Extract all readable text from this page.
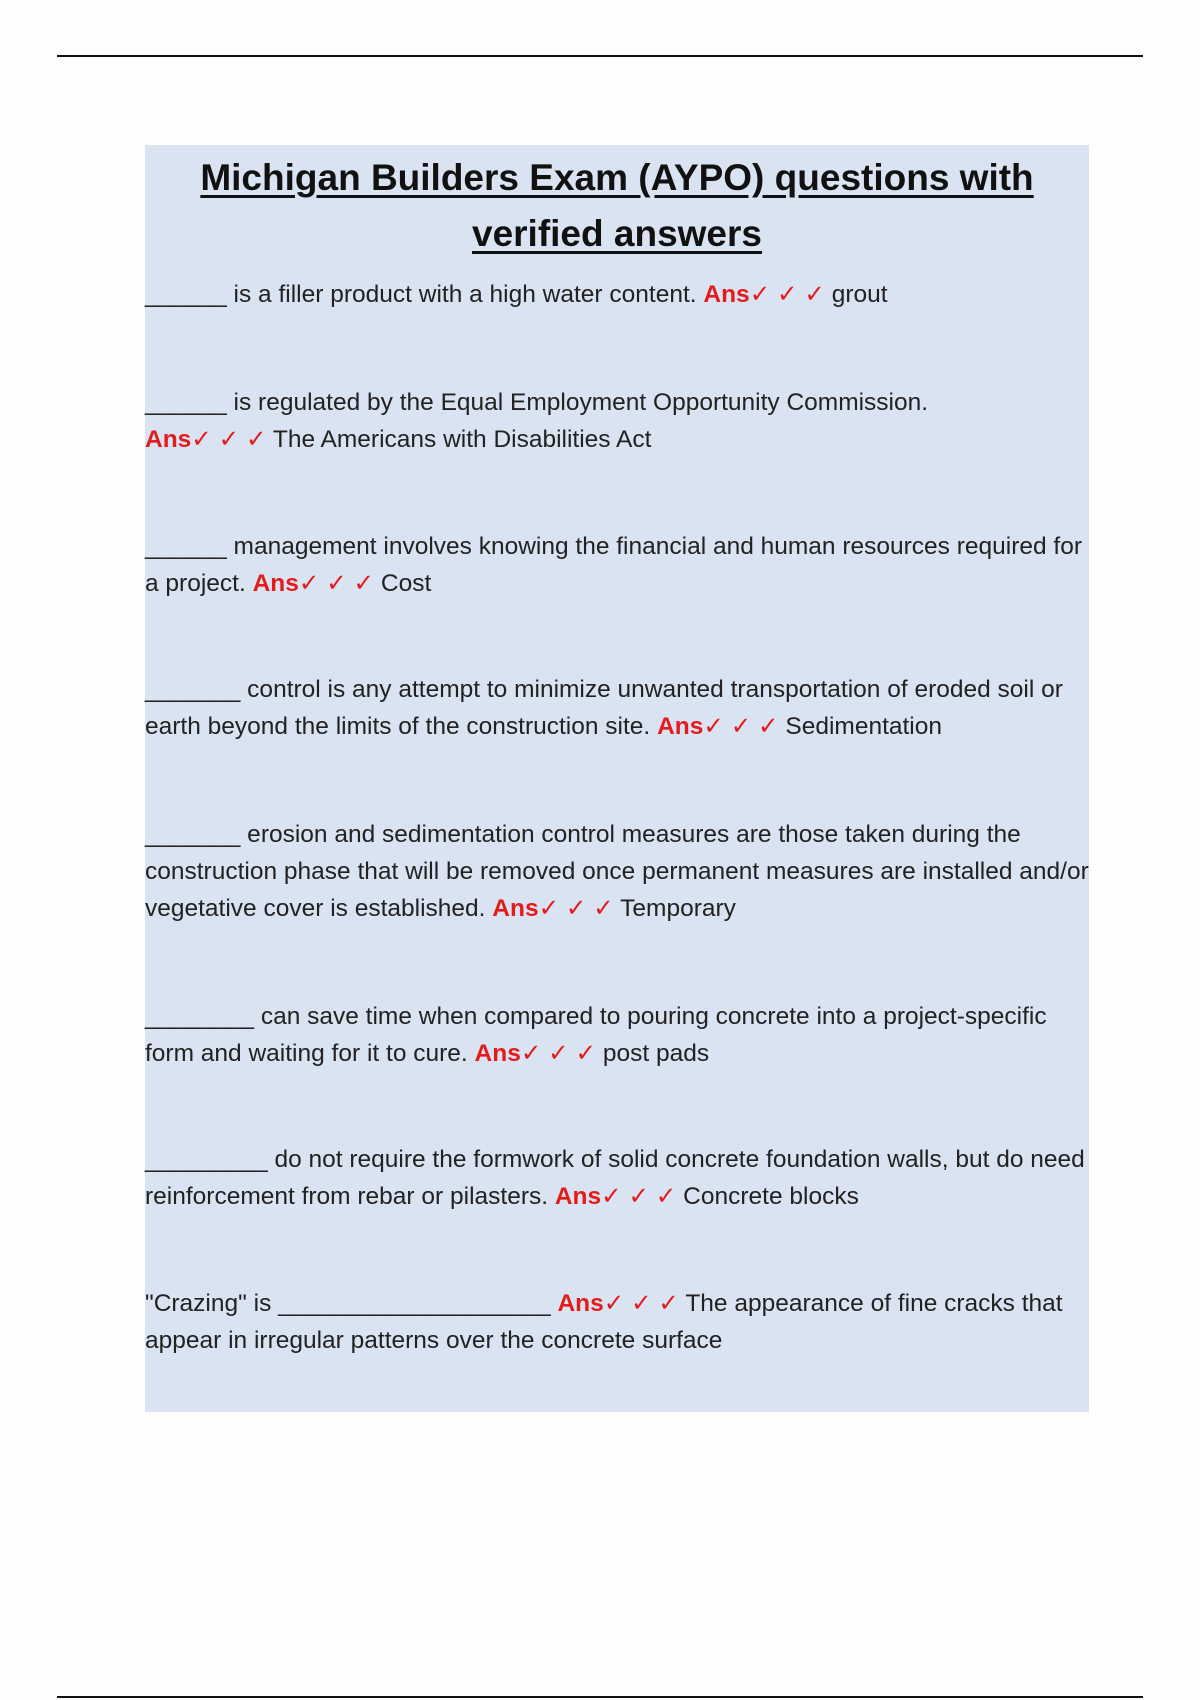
Michigan Builders Exam (AYPO) questions with
verified answers
______ is a filler product with a high water content. Ans✓ ✓ ✓ grout
______ is regulated by the Equal Employment Opportunity Commission.
Ans✓ ✓ ✓ The Americans with Disabilities Act
______ management involves knowing the financial and human resources required for a project. Ans✓ ✓ ✓ Cost
_______ control is any attempt to minimize unwanted transportation of eroded soil or earth beyond the limits of the construction site. Ans✓ ✓ ✓ Sedimentation
_______ erosion and sedimentation control measures are those taken during the construction phase that will be removed once permanent measures are installed and/or vegetative cover is established. Ans✓ ✓ ✓ Temporary
________ can save time when compared to pouring concrete into a project-specific form and waiting for it to cure. Ans✓ ✓ ✓ post pads
_________ do not require the formwork of solid concrete foundation walls, but do need reinforcement from rebar or pilasters. Ans✓ ✓ ✓ Concrete blocks
"Crazing" is ____________________ Ans✓ ✓ ✓ The appearance of fine cracks that appear in irregular patterns over the concrete surface
